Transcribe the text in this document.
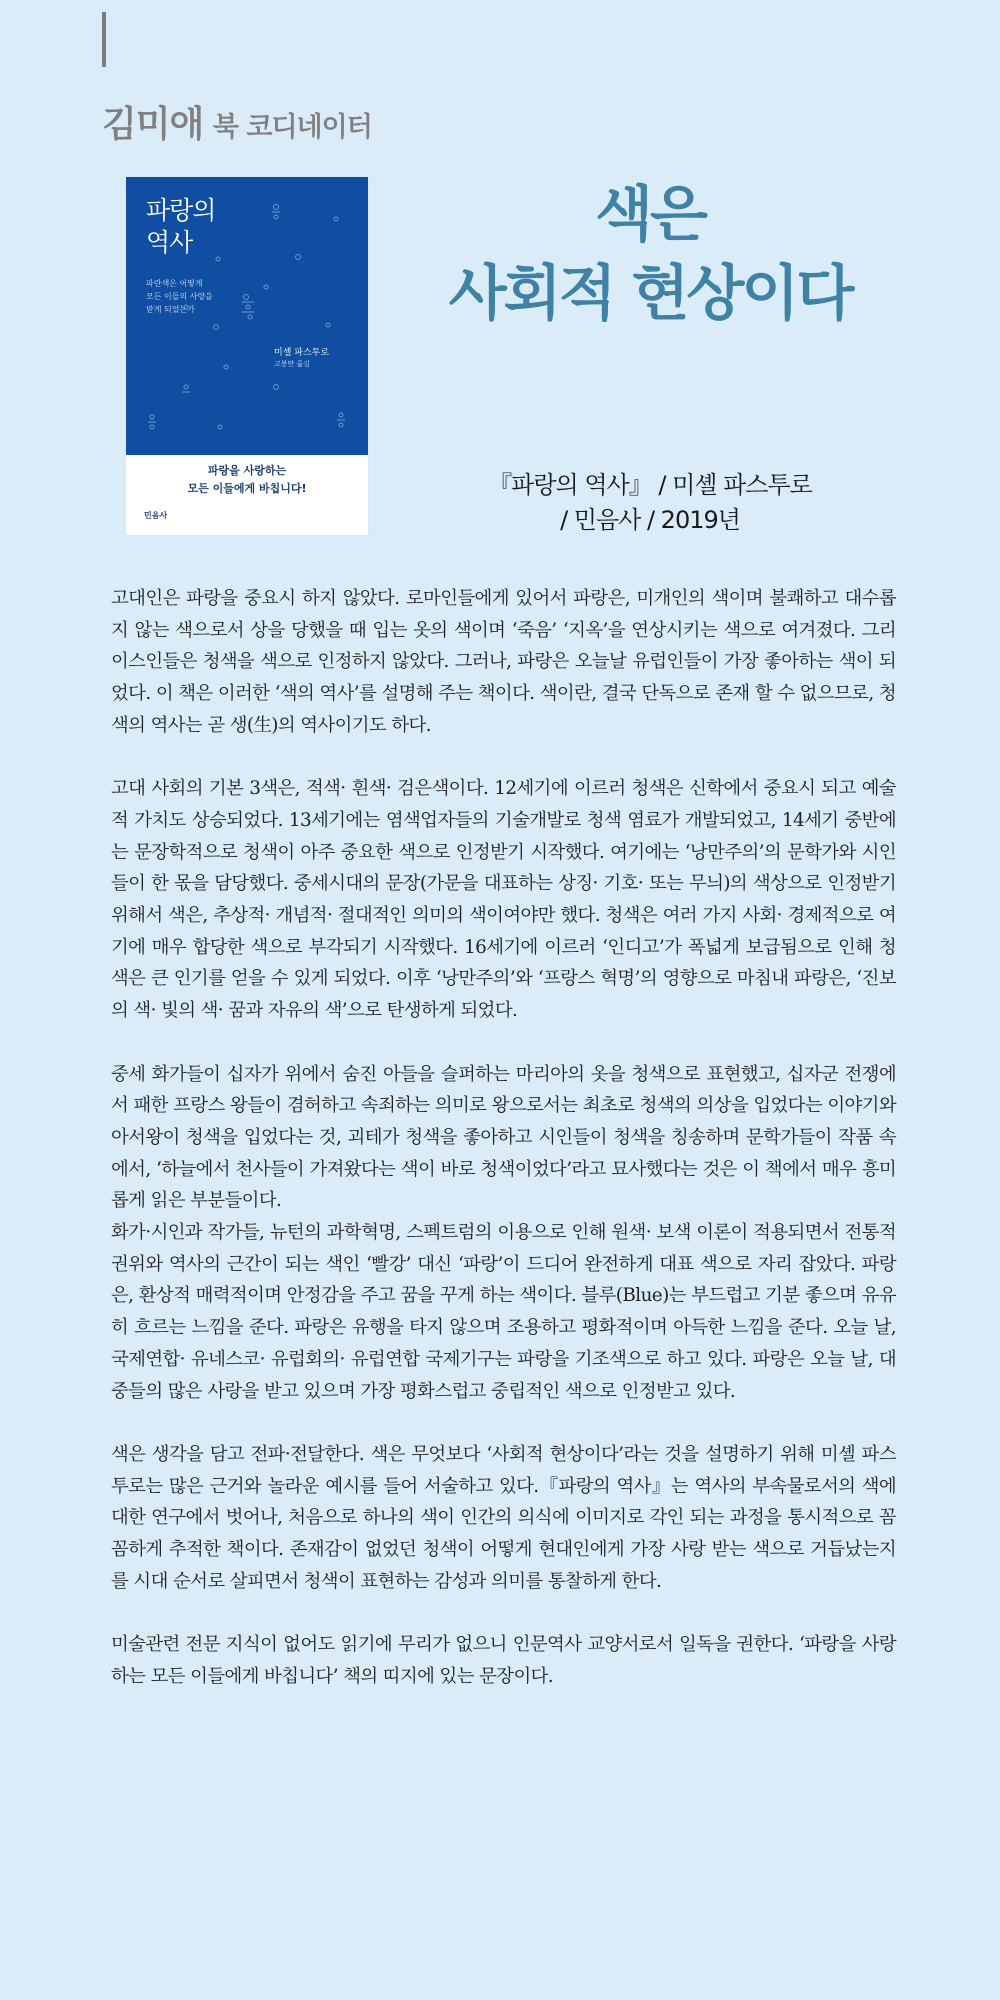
김미애 북 코디네이터
파랑의
역사
파란색은 어떻게
모든 이들의 사랑을
받게 되었는가
미셸 파스투로
고봉만 옮김
파랑을 사랑하는
모든 이들에게 바칩니다!
민음사
색은
사회적 현상이다
『파랑의 역사』 / 미셸 파스투로
/ 민음사 / 2019년

고대인은 파랑을 중요시 하지 않았다. 로마인들에게 있어서 파랑은, 미개인의 색이며 불쾌하고 대수롭지 않는 색으로서 상을 당했을 때 입는 옷의 색이며 ‘죽음’ ‘지옥’을 연상시키는 색으로 여겨졌다. 그리이스인들은 청색을 색으로 인정하지 않았다. 그러나, 파랑은 오늘날 유럽인들이 가장 좋아하는 색이 되었다. 이 책은 이러한 ‘색의 역사’를 설명해 주는 책이다. 색이란, 결국 단독으로 존재 할 수 없으므로, 청색의 역사는 곧 생(生)의 역사이기도 하다.

고대 사회의 기본 3색은, 적색· 흰색· 검은색이다. 12세기에 이르러 청색은 신학에서 중요시 되고 예술적 가치도 상승되었다. 13세기에는 염색업자들의 기술개발로 청색 염료가 개발되었고, 14세기 중반에는 문장학적으로 청색이 아주 중요한 색으로 인정받기 시작했다. 여기에는 ‘낭만주의’의 문학가와 시인들이 한 몫을 담당했다. 중세시대의 문장(가문을 대표하는 상징· 기호· 또는 무늬)의 색상으로 인정받기 위해서 색은, 추상적· 개념적· 절대적인 의미의 색이여야만 했다. 청색은 여러 가지 사회· 경제적으로 여기에 매우 합당한 색으로 부각되기 시작했다. 16세기에 이르러 ‘인디고’가 폭넓게 보급됨으로 인해 청색은 큰 인기를 얻을 수 있게 되었다. 이후 ‘낭만주의’와 ‘프랑스 혁명’의 영향으로 마침내 파랑은, ‘진보의 색· 빛의 색· 꿈과 자유의 색’으로 탄생하게 되었다.

중세 화가들이 십자가 위에서 숨진 아들을 슬퍼하는 마리아의 옷을 청색으로 표현했고, 십자군 전쟁에서 패한 프랑스 왕들이 겸허하고 속죄하는 의미로 왕으로서는 최초로 청색의 의상을 입었다는 이야기와 아서왕이 청색을 입었다는 것, 괴테가 청색을 좋아하고 시인들이 청색을 칭송하며 문학가들이 작품 속에서, ‘하늘에서 천사들이 가져왔다는 색이 바로 청색이었다’라고 묘사했다는 것은 이 책에서 매우 흥미롭게 읽은 부분들이다.

화가·시인과 작가들, 뉴턴의 과학혁명, 스펙트럼의 이용으로 인해 원색· 보색 이론이 적용되면서 전통적 권위와 역사의 근간이 되는 색인 ‘빨강’ 대신 ‘파랑’이 드디어 완전하게 대표 색으로 자리 잡았다. 파랑은, 환상적 매력적이며 안정감을 주고 꿈을 꾸게 하는 색이다. 블루(Blue)는 부드럽고 기분 좋으며 유유히 흐르는 느낌을 준다. 파랑은 유행을 타지 않으며 조용하고 평화적이며 아득한 느낌을 준다. 오늘 날, 국제연합· 유네스코· 유럽회의· 유럽연합 국제기구는 파랑을 기조색으로 하고 있다. 파랑은 오늘 날, 대중들의 많은 사랑을 받고 있으며 가장 평화스럽고 중립적인 색으로 인정받고 있다.

색은 생각을 담고 전파·전달한다. 색은 무엇보다 ‘사회적 현상이다’라는 것을 설명하기 위해 미셸 파스투로는 많은 근거와 놀라운 예시를 들어 서술하고 있다.『파랑의 역사』는 역사의 부속물로서의 색에 대한 연구에서 벗어나, 처음으로 하나의 색이 인간의 의식에 이미지로 각인 되는 과정을 통시적으로 꼼꼼하게 추적한 책이다. 존재감이 없었던 청색이 어떻게 현대인에게 가장 사랑 받는 색으로 거듭났는지를 시대 순서로 살피면서 청색이 표현하는 감성과 의미를 통찰하게 한다.

미술관련 전문 지식이 없어도 읽기에 무리가 없으니 인문역사 교양서로서 일독을 권한다. ‘파랑을 사랑하는 모든 이들에게 바칩니다’ 책의 띠지에 있는 문장이다.
